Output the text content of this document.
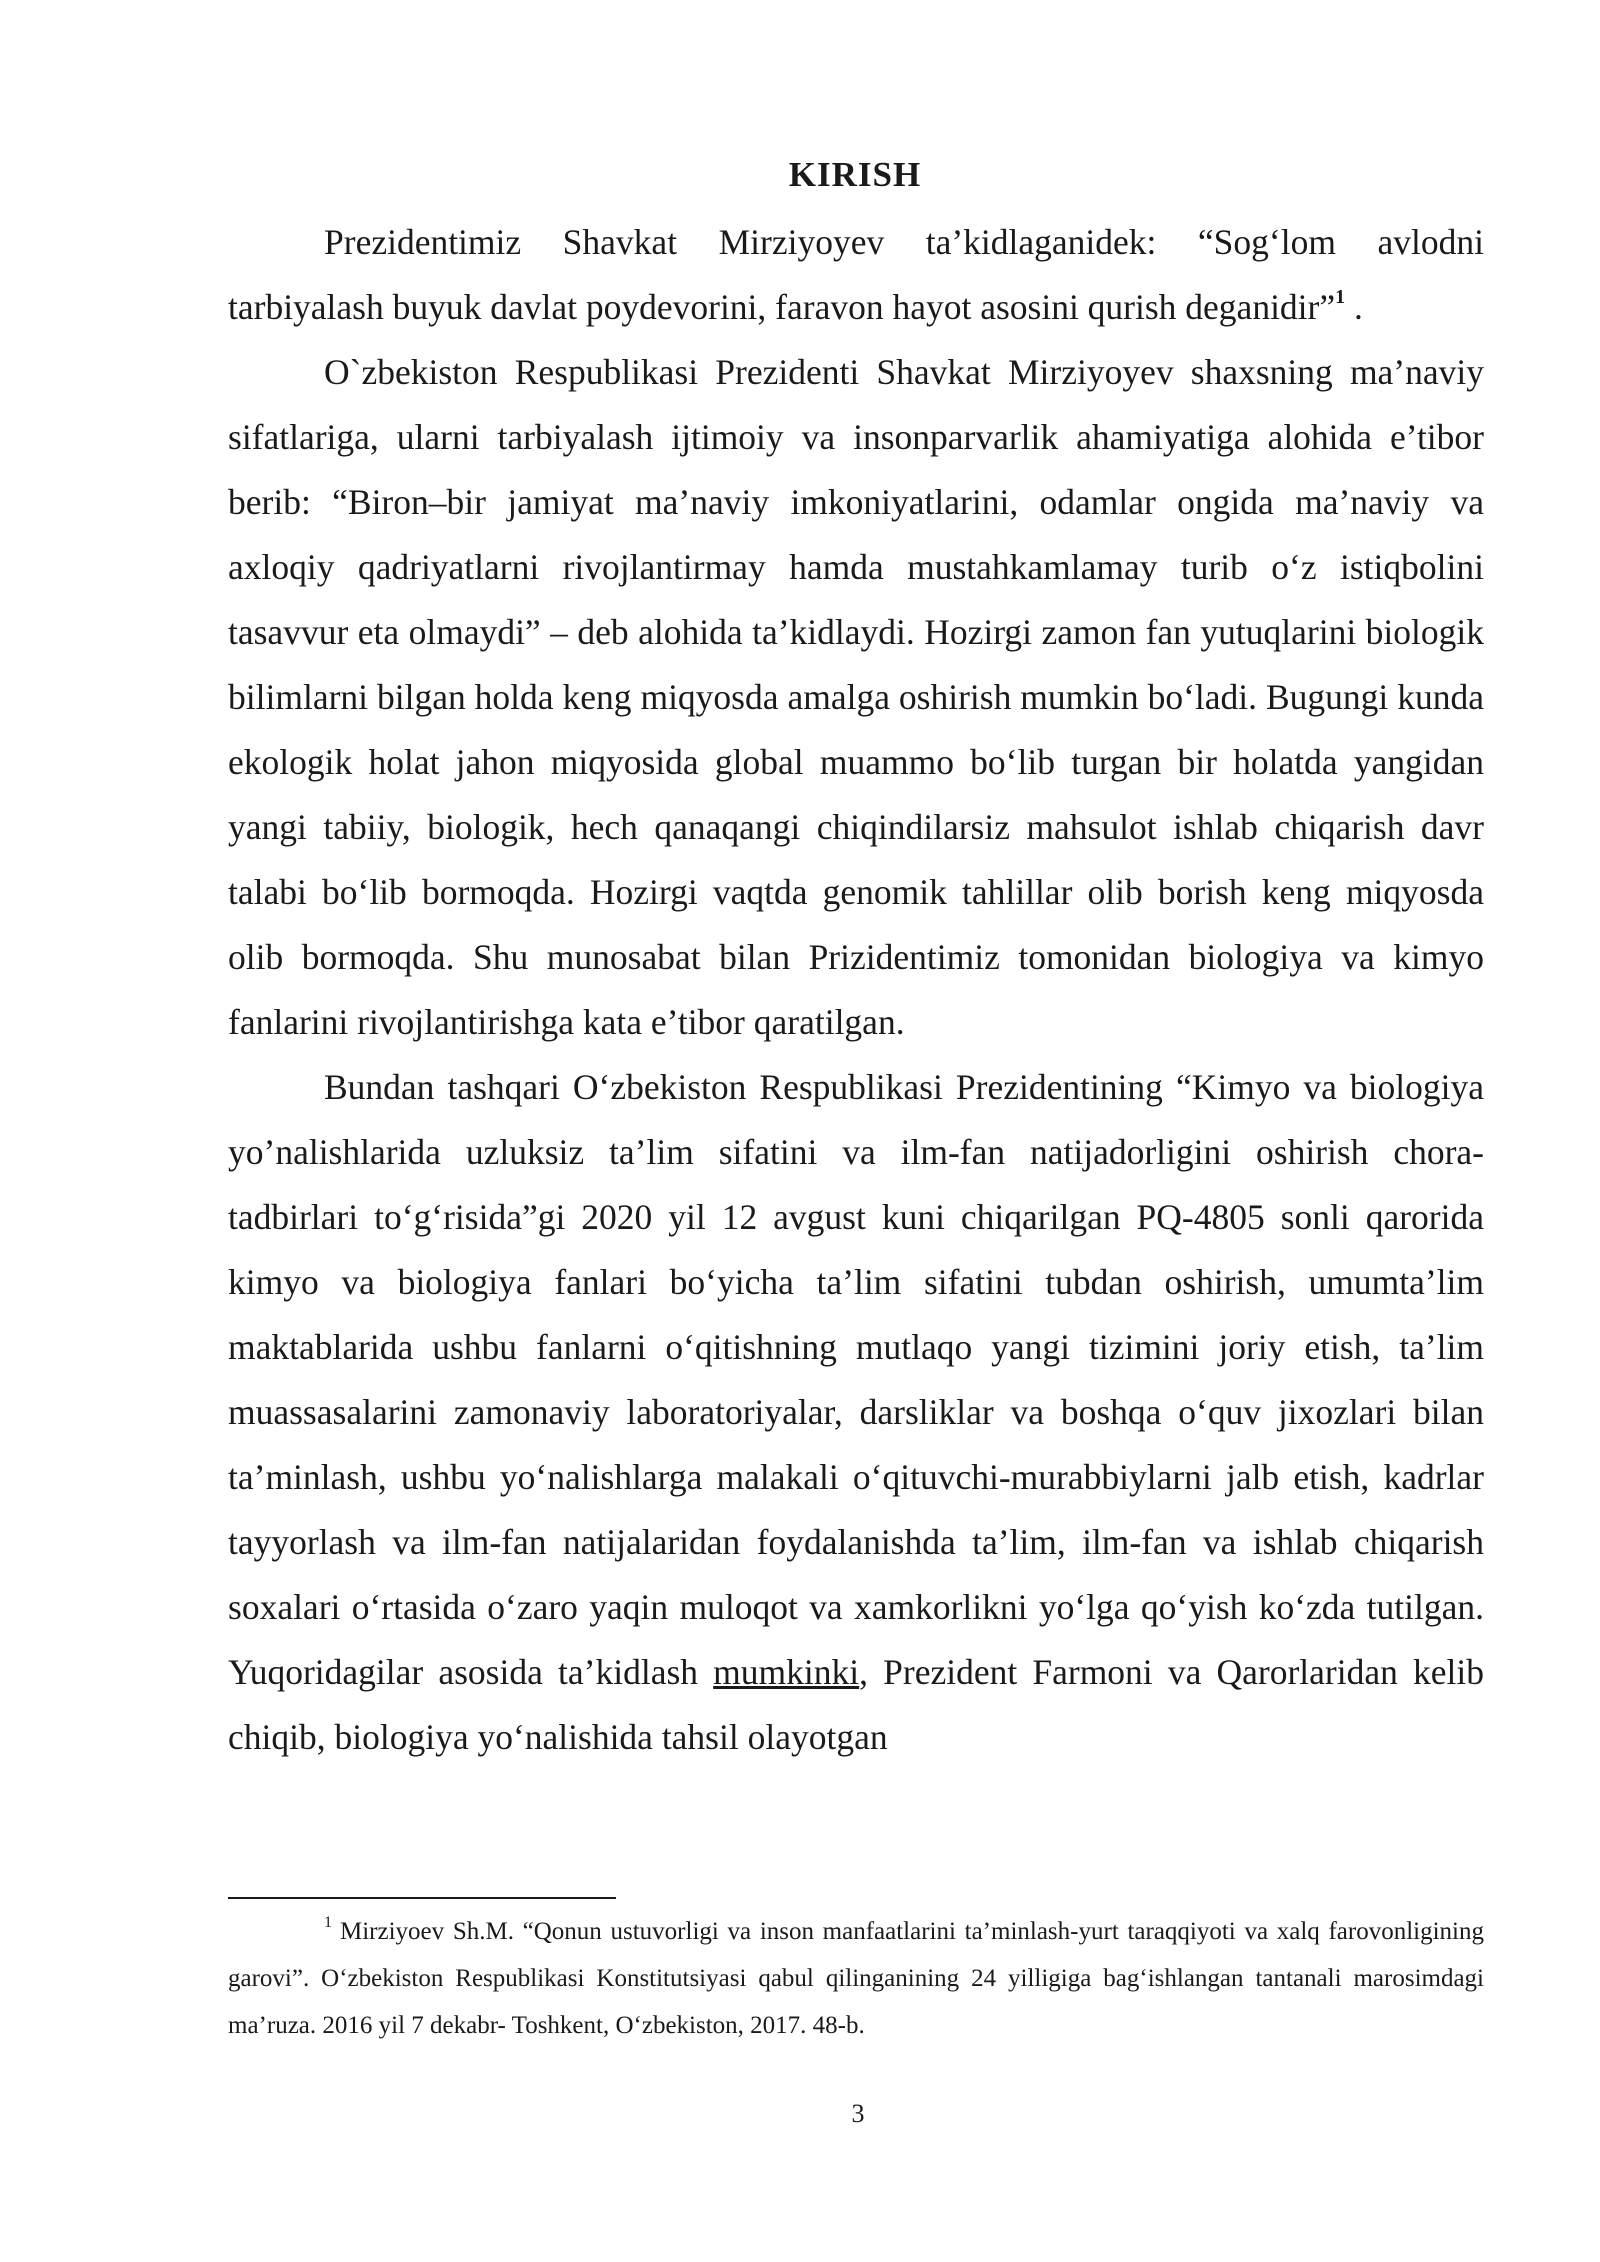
KIRISH

Prezidentimiz Shavkat Mirziyoyev ta’kidlaganidek: “Sog‘lom avlodni tarbiyalash buyuk davlat poydevorini, faravon hayot asosini qurish deganidir”$^1$ .

O`zbekiston Respublikasi Prezidenti Shavkat Mirziyoyev shaxsning ma’naviy sifatlariga, ularni tarbiyalash ijtimoiy va insonparvarlik ahamiyatiga alohida e’tibor berib: “Biron–bir jamiyat ma’naviy imkoniyatlarini, odamlar ongida ma’naviy va axloqiy qadriyatlarni rivojlantirmay hamda mustahkamlamay turib o‘z istiqbolini tasavvur eta olmaydi” – deb alohida ta’kidlaydi. Hozirgi zamon fan yutuqlarini biologik bilimlarni bilgan holda keng miqyosda amalga oshirish mumkin bo‘ladi. Bugungi kunda ekologik holat jahon miqyosida global muammo bo‘lib turgan bir holatda yangidan yangi tabiiy, biologik, hech qanaqangi chiqindilarsiz mahsulot ishlab chiqarish davr talabi bo‘lib bormoqda. Hozirgi vaqtda genomik tahlillar olib borish keng miqyosda olib bormoqda. Shu munosabat bilan Prizidentimiz tomonidan biologiya va kimyo fanlarini rivojlantirishga kata e’tibor qaratilgan.

Bundan tashqari O‘zbekiston Respublikasi Prezidentining “Kimyo va biologiya yo’nalishlarida uzluksiz ta’lim sifatini va ilm-fan natijadorligini oshirish chora-tadbirlari to‘g‘risida”gi 2020 yil 12 avgust kuni chiqarilgan PQ-4805 sonli qarorida kimyo va biologiya fanlari bo‘yicha ta’lim sifatini tubdan oshirish, umumta’lim maktablarida ushbu fanlarni o‘qitishning mutlaqo yangi tizimini joriy etish, ta’lim muassasalarini zamonaviy laboratoriyalar, darsliklar va boshqa o‘quv jixozlari bilan ta’minlash, ushbu yo‘nalishlarga malakali o‘qituvchi-murabbiylarni jalb etish, kadrlar tayyorlash va ilm-fan natijalaridan foydalanishda ta’lim, ilm-fan va ishlab chiqarish soxalari o‘rtasida o‘zaro yaqin muloqot va xamkorlikni yo‘lga qo‘yish ko‘zda tutilgan. Yuqoridagilar asosida ta’kidlash mumkinki, Prezident Farmoni va Qarorlaridan kelib chiqib, biologiya yo‘nalishida tahsil olayotgan

$^1$ Mirziyoev Sh.M. “Qonun ustuvorligi va inson manfaatlarini ta’minlash-yurt taraqqiyoti va xalq farovonligining garovi”. O‘zbekiston Respublikasi Konstitutsiyasi qabul qilinganining 24 yilligiga bag‘ishlangan tantanali marosimdagi ma’ruza. 2016 yil 7 dekabr- Toshkent, O‘zbekiston, 2017. 48-b.

3
